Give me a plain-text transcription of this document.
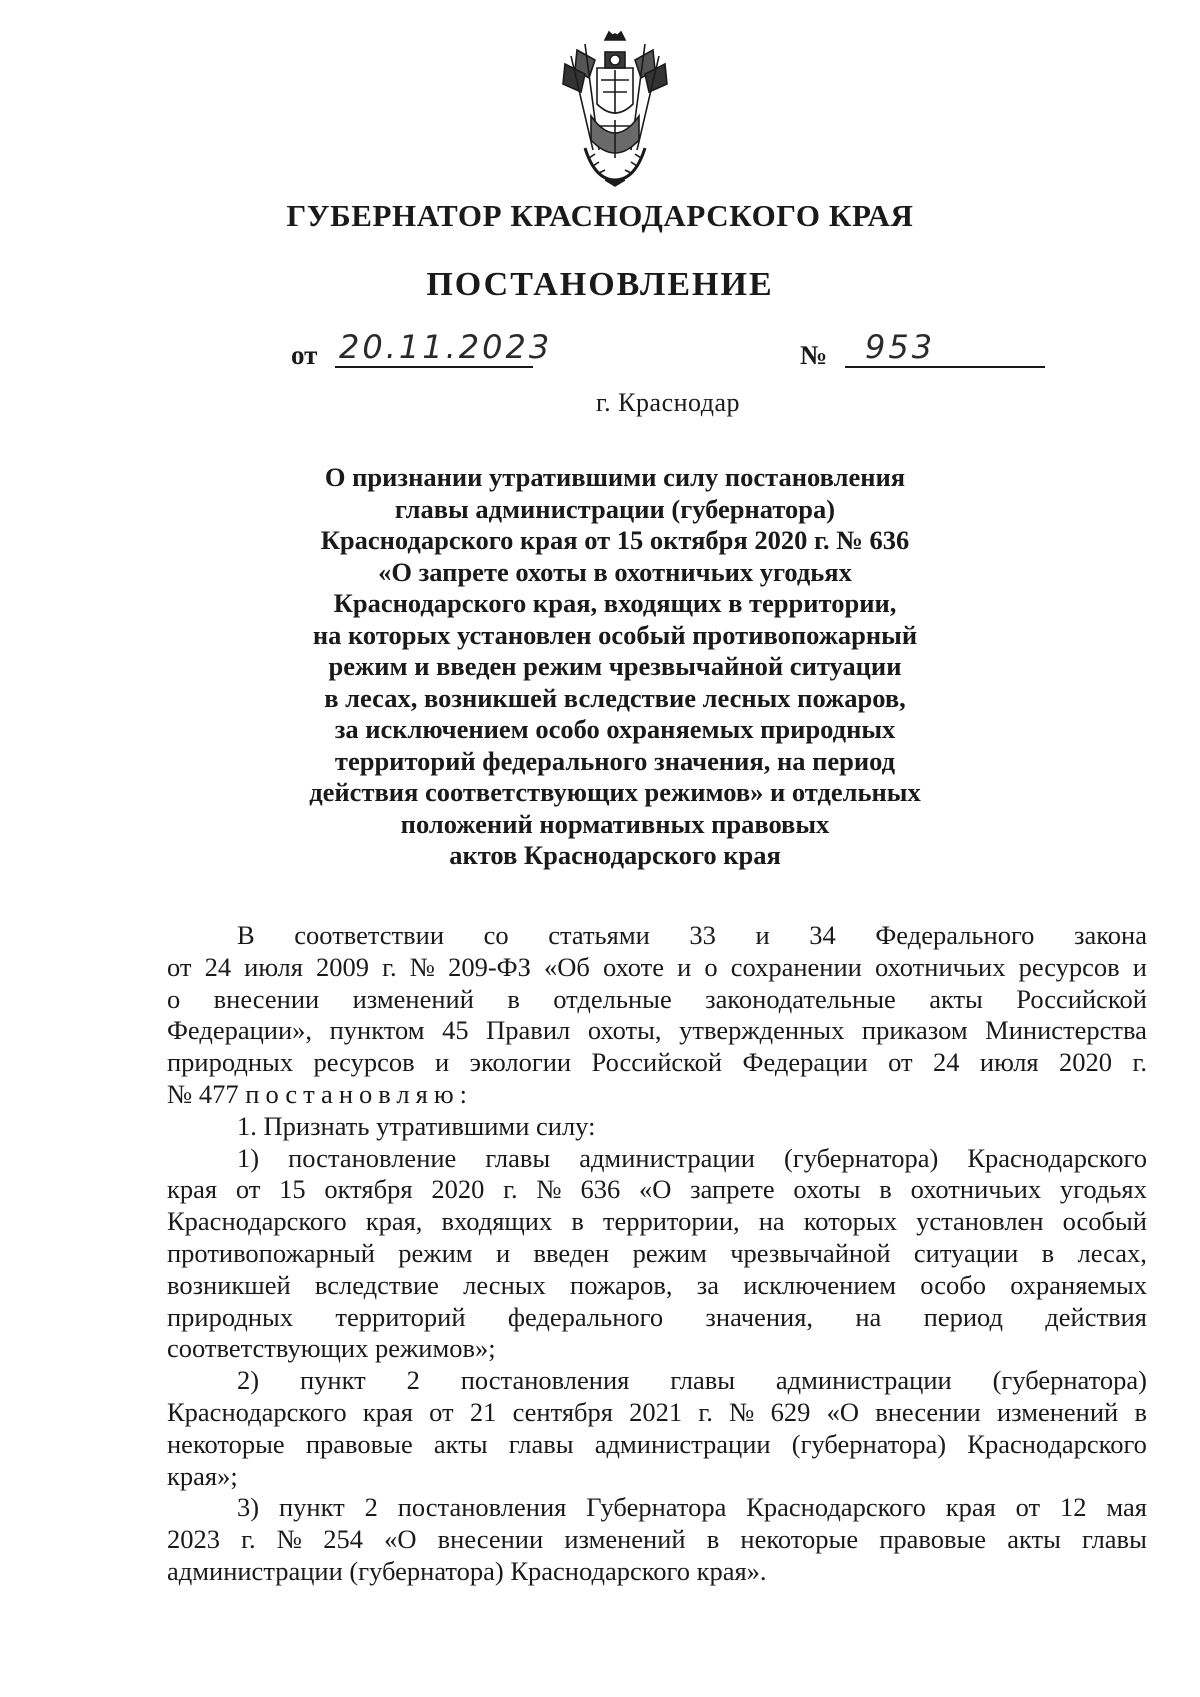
ГУБЕРНАТОР КРАСНОДАРСКОГО КРАЯ
ПОСТАНОВЛЕНИЕ
от 20.11.2023	№ 953
г. Краснодар
О признании утратившими силу постановления
главы администрации (губернатора)
Краснодарского края от 15 октября 2020 г. № 636
«О запрете охоты в охотничьих угодьях
Краснодарского края, входящих в территории,
на которых установлен особый противопожарный
режим и введен режим чрезвычайной ситуации
в лесах, возникшей вследствие лесных пожаров,
за исключением особо охраняемых природных
территорий федерального значения, на период
действия соответствующих режимов» и отдельных
положений нормативных правовых
актов Краснодарского края
В соответствии со статьями 33 и 34 Федерального закона
от 24 июля 2009 г. № 209-ФЗ «Об охоте и о сохранении охотничьих ресурсов и
о внесении изменений в отдельные законодательные акты Российской
Федерации», пунктом 45 Правил охоты, утвержденных приказом Министерства
природных ресурсов и экологии Российской Федерации от 24 июля 2020 г.
№ 477 постановляю:
1. Признать утратившими силу:
1) постановление главы администрации (губернатора) Краснодарского
края от 15 октября 2020 г. № 636 «О запрете охоты в охотничьих угодьях
Краснодарского края, входящих в территории, на которых установлен особый
противопожарный режим и введен режим чрезвычайной ситуации в лесах,
возникшей вследствие лесных пожаров, за исключением особо охраняемых
природных территорий федерального значения, на период действия
соответствующих режимов»;
2) пункт 2 постановления главы администрации (губернатора)
Краснодарского края от 21 сентября 2021 г. № 629 «О внесении изменений в
некоторые правовые акты главы администрации (губернатора) Краснодарского
края»;
3) пункт 2 постановления Губернатора Краснодарского края от 12 мая
2023 г. № 254 «О внесении изменений в некоторые правовые акты главы
администрации (губернатора) Краснодарского края».
